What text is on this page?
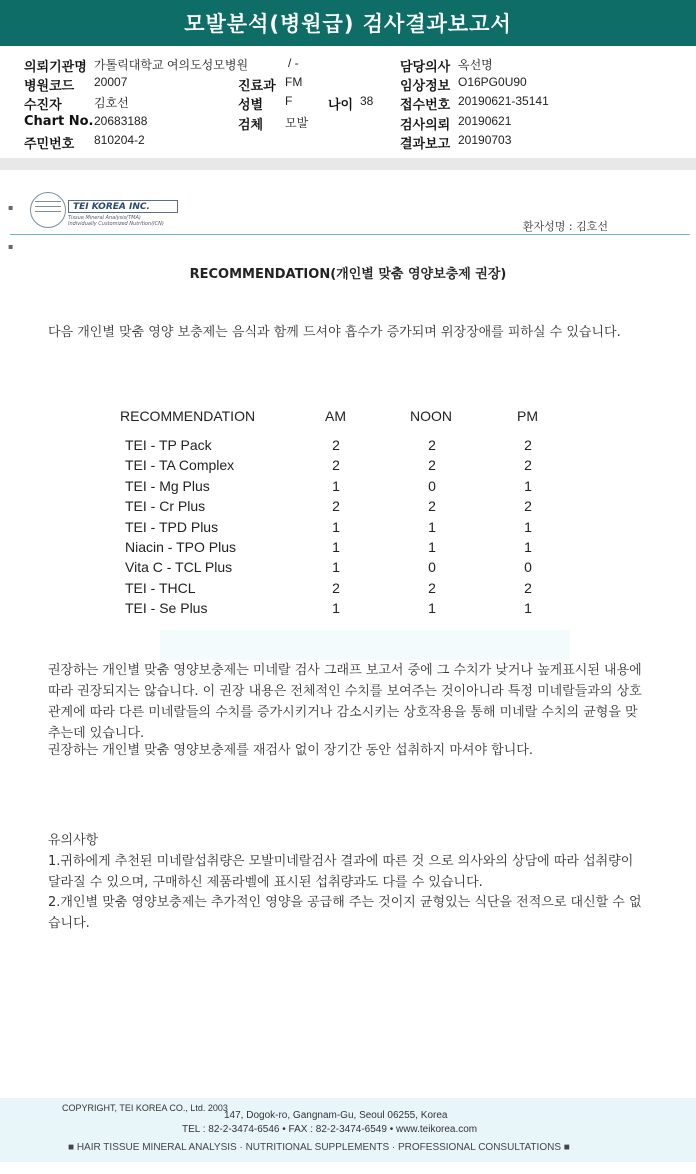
모발분석(병원급) 검사결과보고서
의뢰기관명 가톨릭대학교 여의도성모병원	/ -	담당의사 옥선명
병원코드 20007	진료과 FM	임상정보 O16PG0U90
수진자	김호선	성별 F	나이 38 접수번호 20190621-35141
Chart No. 20683188	검체 모발	검사의뢰 20190621
주민번호 810204-2	결과보고 20190703
▪
▪
TEI KOREA INC.
Tissue Mineral Analysis(TMA)
Individually Customized Nutrition(ICN)	환자성명 : 김호선
RECOMMENDATION(개인별 맞춤 영양보충제 권장)
다음 개인별 맞춤 영양 보충제는 음식과 함께 드셔야 흡수가 증가되며 위장장애를 피하실 수 있습니다.
RECOMMENDATION	AM	NOON	PM
TEI - TP Pack	2	2	2
TEI - TA Complex	2	2	2
TEI - Mg Plus	1	0	1
TEI - Cr Plus	2	2	2
TEI - TPD Plus	1	1	1
Niacin - TPO Plus	1	1	1
Vita C - TCL Plus	1	0	0
TEI - THCL	2	2	2
TEI - Se Plus	1	1	1
권장하는 개인별 맞춤 영양보충제는 미네랄 검사 그래프 보고서 중에 그 수치가 낮거나 높게표시된 내용에 따라 권장되지는 않습니다. 이 권장 내용은 전체적인 수치를 보여주는 것이아니라 특정 미네랄들과의 상호관계에 따라 다른 미네랄들의 수치를 증가시키거나 감소시키는 상호작용을 통해 미네랄 수치의 균형을 맞추는데 있습니다.
권장하는 개인별 맞춤 영양보충제를 재검사 없이 장기간 동안 섭취하지 마셔야 합니다.
유의사항
1.귀하에게 추천된 미네랄섭취량은 모발미네랄검사 결과에 따른 것 으로 의사와의 상담에 따라 섭취량이 달라질 수 있으며, 구매하신 제품라벨에 표시된 섭취량과도 다를 수 있습니다.
2.개인별 맞춤 영양보충제는 추가적인 영양을 공급해 주는 것이지 균형있는 식단을 전적으로 대신할 수 없습니다.
COPYRIGHT, TEI KOREA CO., Ltd. 2003
147, Dogok-ro, Gangnam-Gu, Seoul 06255, Korea
TEL : 82-2-3474-6546 • FAX : 82-2-3474-6549 • www.teikorea.com
■ HAIR TISSUE MINERAL ANALYSIS · NUTRITIONAL SUPPLEMENTS · PROFESSIONAL CONSULTATIONS ■
